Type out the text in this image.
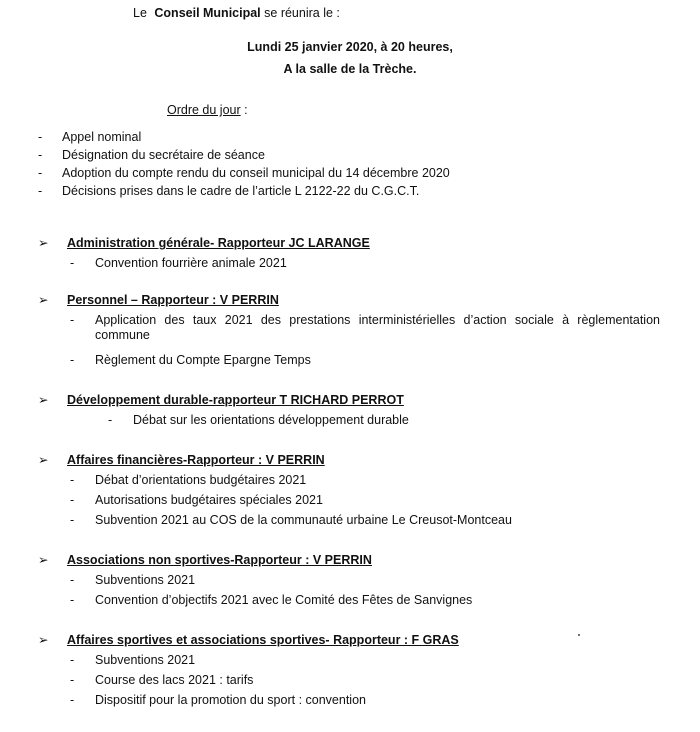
Le Conseil Municipal se réunira le :
Lundi 25 janvier 2020, à 20 heures,
A la salle de la Trèche.
Ordre du jour :
- Appel nominal
- Désignation du secrétaire de séance
- Adoption du compte rendu du conseil municipal du 14 décembre 2020
- Décisions prises dans le cadre de l’article L 2122-22 du C.G.C.T.
➢ Administration générale- Rapporteur JC LARANGE
- Convention fourrière animale 2021
➢ Personnel – Rapporteur : V PERRIN
-	Application des taux 2021 des prestations interministérielles d’action sociale à règlementation commune
- Règlement du Compte Epargne Temps
➢ Développement durable-rapporteur T RICHARD PERROT
- Débat sur les orientations développement durable
➢ Affaires financières-Rapporteur : V PERRIN
- Débat d’orientations budgétaires 2021
- Autorisations budgétaires spéciales 2021
- Subvention 2021 au COS de la communauté urbaine Le Creusot-Montceau
➢ Associations non sportives-Rapporteur : V PERRIN
- Subventions 2021
- Convention d’objectifs 2021 avec le Comité des Fêtes de Sanvignes
➢ Affaires sportives et associations sportives- Rapporteur : F GRAS
- Subventions 2021
- Course des lacs 2021 : tarifs
- Dispositif pour la promotion du sport : convention
